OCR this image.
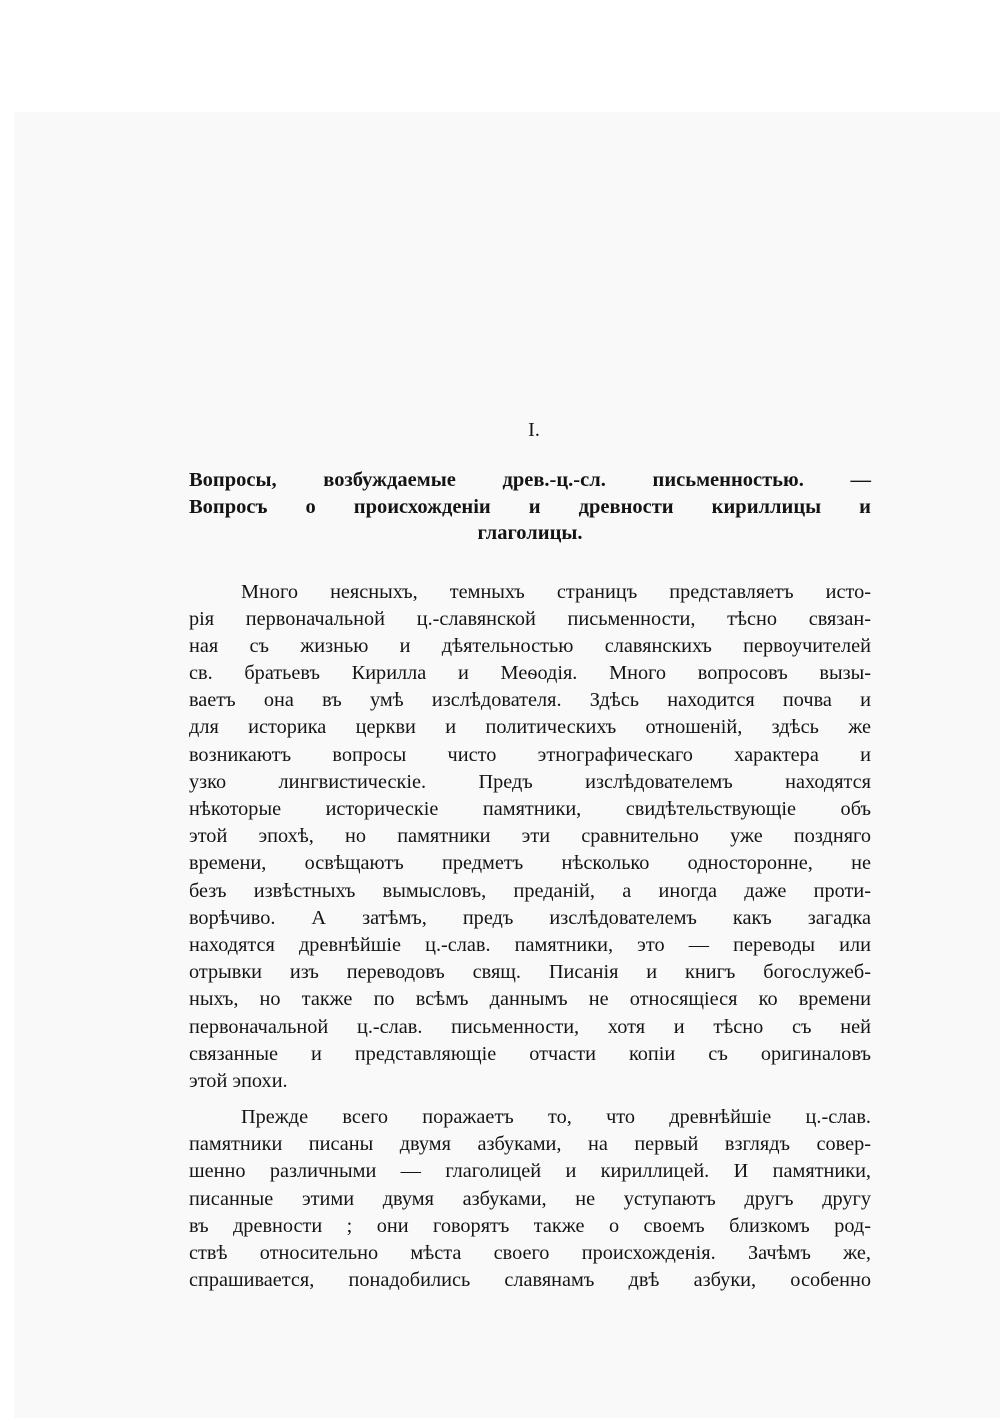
I.
Вопросы, возбуждаемые древ.-ц.-сл. письменностью. —
Вопросъ о происхожденіи и древности кириллицы и
глаголицы.

Много неясныхъ, темныхъ страницъ представляетъ исто-
рія первоначальной ц.-славянской письменности, тѣсно связан-
ная съ жизнью и дѣятельностью славянскихъ первоучителей
св. братьевъ Кирилла и Меѳодія. Много вопросовъ вызы-
ваетъ она въ умѣ изслѣдователя. Здѣсь находится почва и
для историка церкви и политическихъ отношеній, здѣсь же
возникаютъ вопросы чисто этнографическаго характера и
узко лингвистическіе. Предъ изслѣдователемъ находятся
нѣкоторые историческіе памятники, свидѣтельствующіе объ
этой эпохѣ, но памятники эти сравнительно уже поздняго
времени, освѣщаютъ предметъ нѣсколько односторонне, не
безъ извѣстныхъ вымысловъ, преданій, а иногда даже проти-
ворѣчиво. А затѣмъ, предъ изслѣдователемъ какъ загадка
находятся древнѣйшіе ц.-слав. памятники, это — переводы или
отрывки изъ переводовъ свящ. Писанія и книгъ богослужеб-
ныхъ, но также по всѣмъ даннымъ не относящіеся ко времени
первоначальной ц.-слав. письменности, хотя и тѣсно съ ней
связанные и представляющіе отчасти копіи съ оригиналовъ
этой эпохи.

Прежде всего поражаетъ то, что древнѣйшіе ц.-слав.
памятники писаны двумя азбуками, на первый взглядъ совер-
шенно различными — глаголицей и кириллицей. И памятники,
писанные этими двумя азбуками, не уступаютъ другъ другу
въ древности ; они говорятъ также о своемъ близкомъ род-
ствѣ относительно мѣста своего происхожденія. Зачѣмъ же,
спрашивается, понадобились славянамъ двѣ азбуки, особенно
